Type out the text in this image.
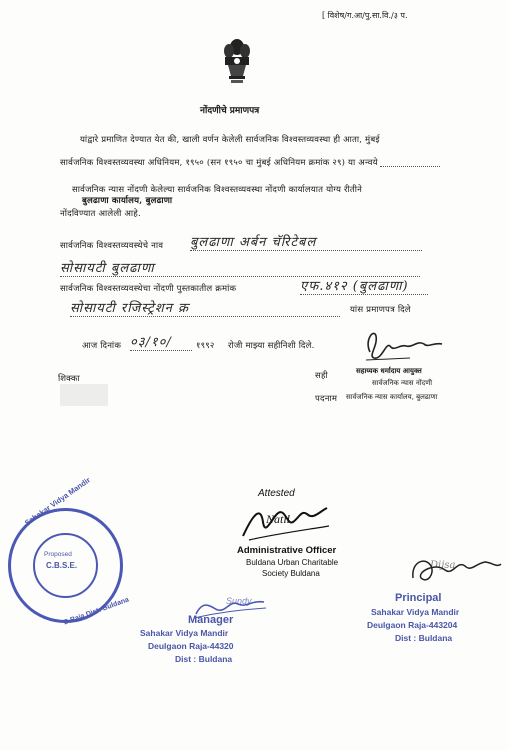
[ विशेष/ग.आ/पु.सा.वि./३ प.
नोंदणीचे प्रमाणपत्र
यांद्वारे प्रमाणित देण्यात येत की, खाली वर्णन केलेली सार्वजनिक विश्वस्तव्यवस्था ही आता, मुंबई
सार्वजनिक विश्वस्तव्यवस्था अधिनियम, १९५० (सन १९५० चा मुंबई अधिनियम क्रमांक २९) या अन्वये
सार्वजनिक न्यास नोंदणी केलेल्या सार्वजनिक विश्वस्तव्यवस्था नोंदणी कार्यालयात योग्य रीतीने
बुलढाणा कार्यालय, बुलढाणा
नोंदविण्यात आलेली आहे.
सार्वजनिक विश्वस्तव्यवस्थेचे नाव बुलढाणा अर्बन चॅरिटेबल
सोसायटी बुलढाणा
सार्वजनिक विश्वस्तव्यवस्थेचा नोंदणी पुस्तकातील क्रमांक	एफ.४१२ (बुलढाणा)
सोसायटी रजिस्ट्रेशन क्र	यांस प्रमाणपत्र दिले
आज दिनांक ०३/१०/	१९९२ रोजी माझ्या सहीनिशी दिले.
शिक्का	सही
सहाय्यक धर्मादाय आयुक्त
सार्वजनिक न्यास नोंदणी
पदनाम सार्वजनिक न्यास कार्यालय, बुलढाणा
Attested
Natil
Administrative Officer
Buldana Urban Charitable
Society Buldana
Sahakar Vidya Mandir
D.Raja Dist: Buldana
Proposed
C.B.S.E.
Sundy
Manager
Sahakar Vidya Mandir
Deulgaon Raja-44320
Dist : Buldana
Dijsa
Principal
Sahakar Vidya Mandir
Deulgaon Raja-443204
Dist : Buldana
